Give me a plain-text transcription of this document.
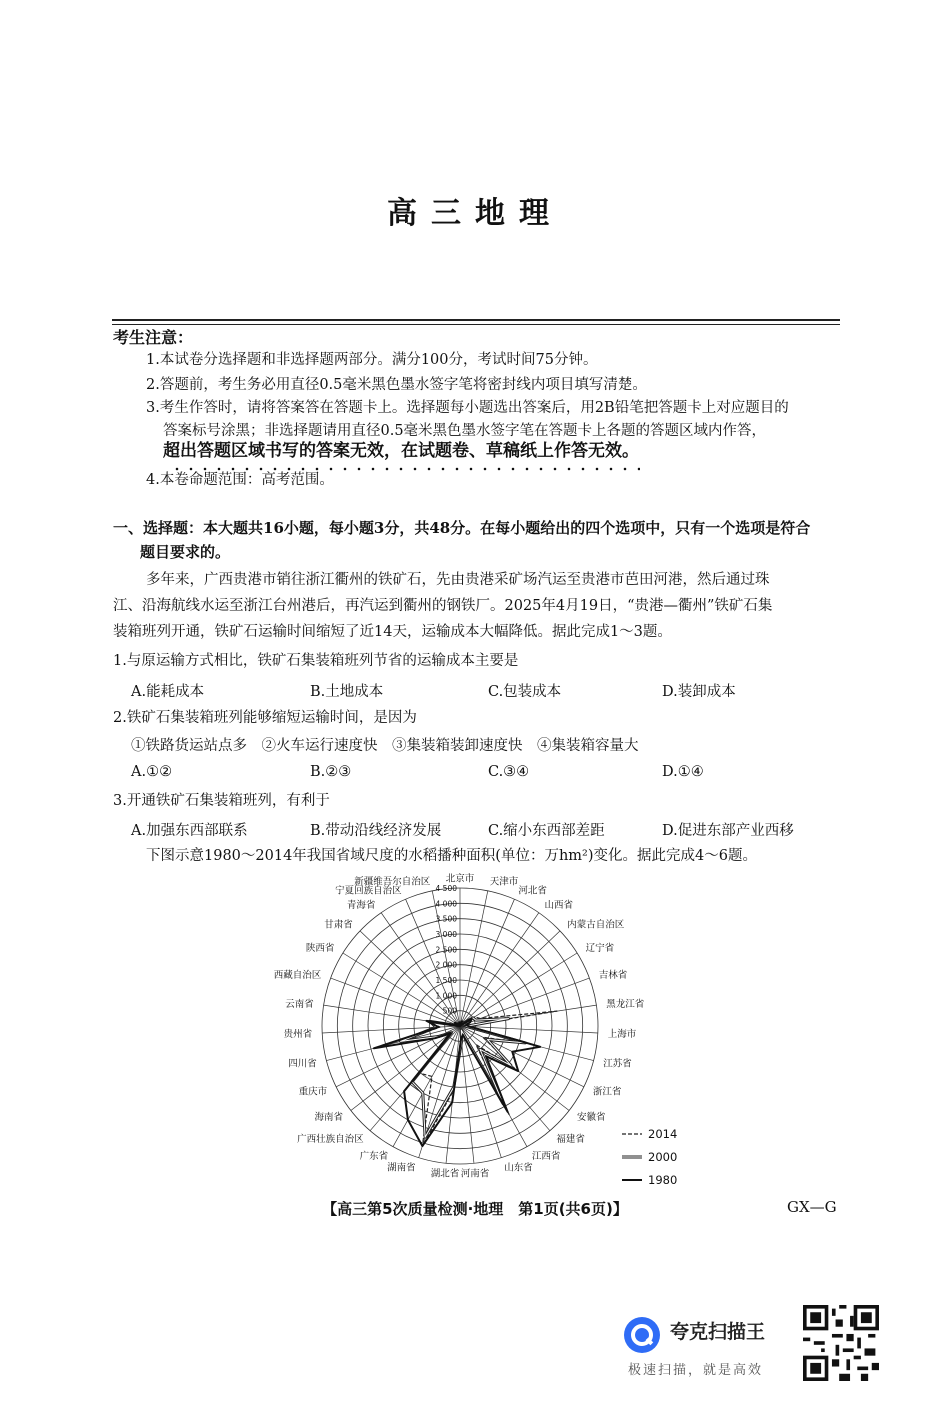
高三地理
考生注意：
1.本试卷分选择题和非选择题两部分。满分100分，考试时间75分钟。
2.答题前，考生务必用直径0.5毫米黑色墨水签字笔将密封线内项目填写清楚。
3.考生作答时，请将答案答在答题卡上。选择题每小题选出答案后，用2B铅笔把答题卡上对应题目的
答案标号涂黑；非选择题请用直径0.5毫米黑色墨水签字笔在答题卡上各题的答题区域内作答，
超出答题区域书写的答案无效，在试题卷、草稿纸上作答无效。
4.本卷命题范围：高考范围。
一、选择题：本大题共16小题，每小题3分，共48分。在每小题给出的四个选项中，只有一个选项是符合
题目要求的。
多年来，广西贵港市销往浙江衢州的铁矿石，先由贵港采矿场汽运至贵港市芭田河港，然后通过珠
江、沿海航线水运至浙江台州港后，再汽运到衢州的钢铁厂。2025年4月19日，“贵港—衢州”铁矿石集
装箱班列开通，铁矿石运输时间缩短了近14天，运输成本大幅降低。据此完成1～3题。
1.与原运输方式相比，铁矿石集装箱班列节省的运输成本主要是
A.能耗成本	B.土地成本	C.包装成本	D.装卸成本
2.铁矿石集装箱班列能够缩短运输时间，是因为
①铁路货运站点多　②火车运行速度快　③集装箱装卸速度快　④集装箱容量大
A.①②	B.②③	C.③④	D.①④
3.开通铁矿石集装箱班列，有利于
A.加强东西部联系	B.带动沿线经济发展	C.缩小东西部差距	D.促进东部产业西移
下图示意1980～2014年我国省域尺度的水稻播种面积(单位：万hm²)变化。据此完成4～6题。
500
1 000
1 500
2 000
2 500
3 000
3 500
4 000
4 500
北京市 天津市
河北省
山西省
内蒙古自治区
辽宁省
吉林省
黑龙江省
上海市
江苏省
浙江省
安徽省
福建省
江西省
山东省
河南省
湖北省
湖南省
广东省
广西壮族自治区
海南省
重庆市
四川省
贵州省
云南省
西藏自治区
陕西省
甘肃省
青海省
宁夏回族自治区
新疆维吾尔自治区
2014
2000
1980
【高三第5次质量检测·地理　第1页(共6页)】	GX—G
夸克扫描王
极速扫描，就是高效
